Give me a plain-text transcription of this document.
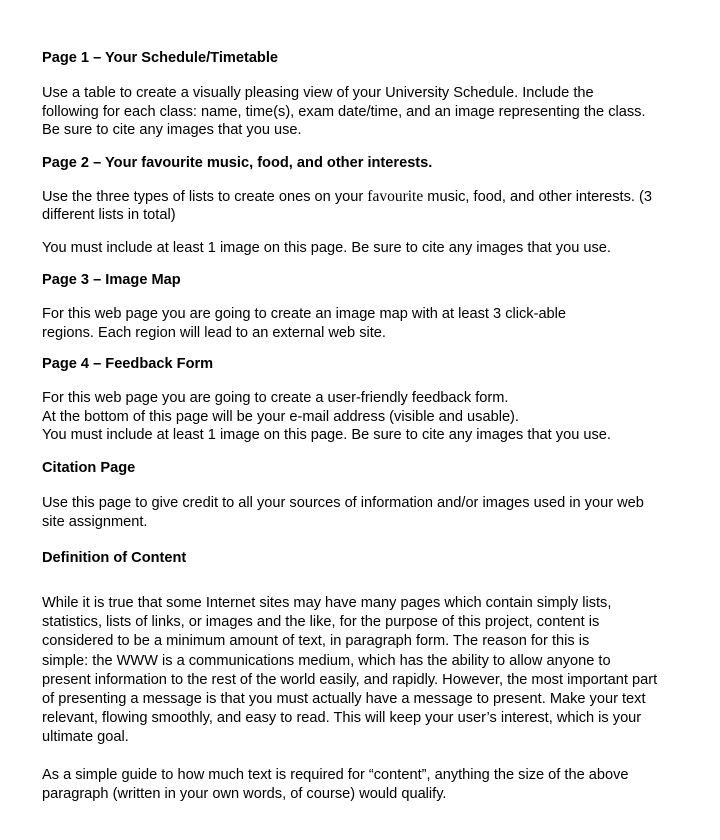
Page 1 – Your Schedule/Timetable
Use a table to create a visually pleasing view of your University Schedule. Include the
following for each class: name, time(s), exam date/time, and an image representing the class.
Be sure to cite any images that you use.
Page 2 – Your favourite music, food, and other interests.
Use the three types of lists to create ones on your favourite music, food, and other interests. (3
different lists in total)
You must include at least 1 image on this page. Be sure to cite any images that you use.
Page 3 – Image Map
For this web page you are going to create an image map with at least 3 click-able
regions. Each region will lead to an external web site.
Page 4 – Feedback Form
For this web page you are going to create a user-friendly feedback form.
At the bottom of this page will be your e-mail address (visible and usable).
You must include at least 1 image on this page. Be sure to cite any images that you use.
Citation Page
Use this page to give credit to all your sources of information and/or images used in your web
site assignment.
Definition of Content
While it is true that some Internet sites may have many pages which contain simply lists,
statistics, lists of links, or images and the like, for the purpose of this project, content is
considered to be a minimum amount of text, in paragraph form. The reason for this is
simple: the WWW is a communications medium, which has the ability to allow anyone to
present information to the rest of the world easily, and rapidly. However, the most important part
of presenting a message is that you must actually have a message to present. Make your text
relevant, flowing smoothly, and easy to read. This will keep your user’s interest, which is your
ultimate goal.
As a simple guide to how much text is required for “content”, anything the size of the above
paragraph (written in your own words, of course) would qualify.
